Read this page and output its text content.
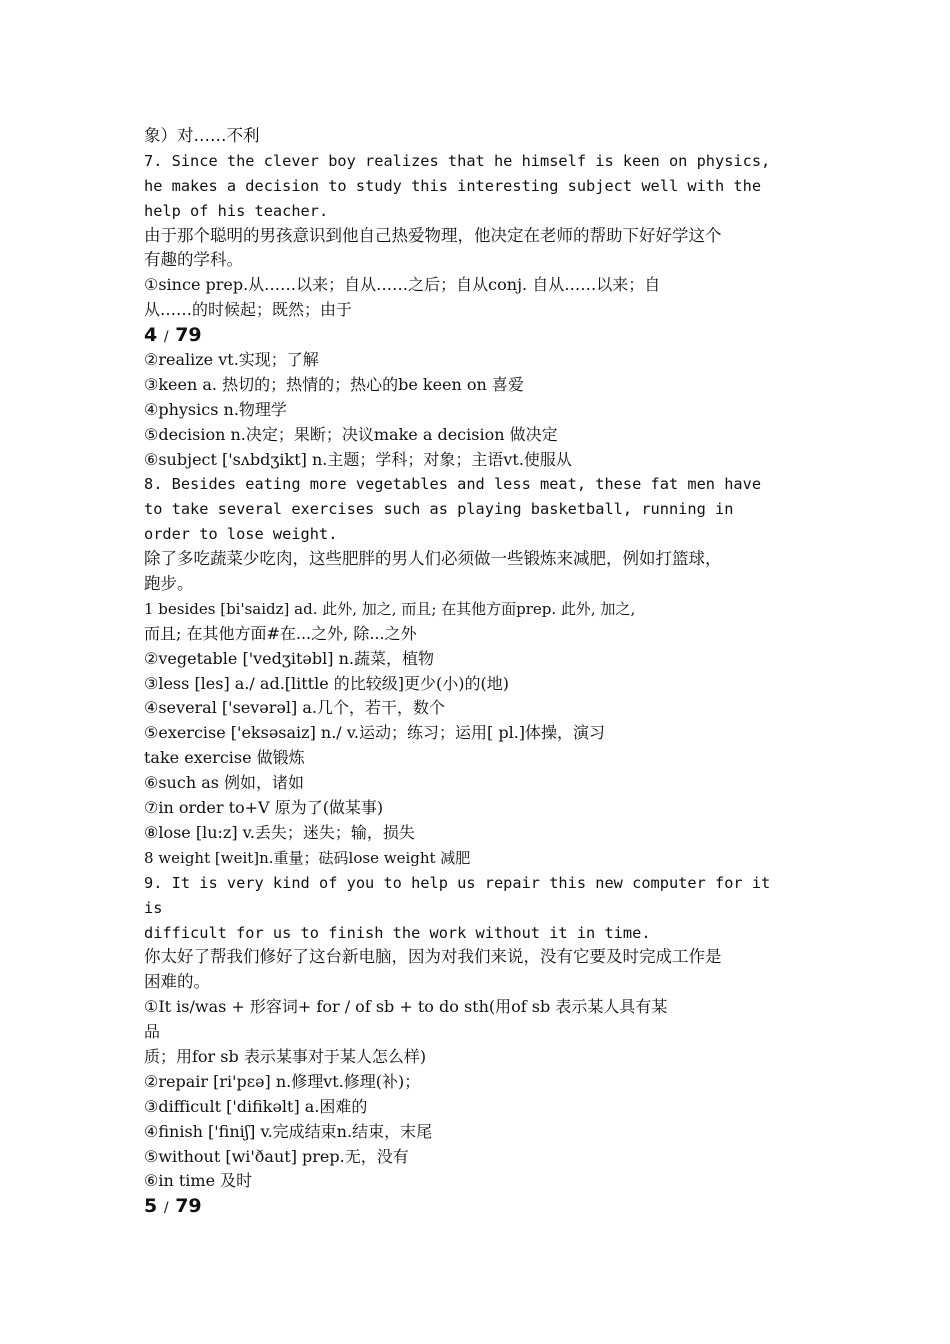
象）对……不利
7. Since the clever boy realizes that he himself is keen on physics,
he makes a decision to study this interesting subject well with the
help of his teacher.
由于那个聪明的男孩意识到他自己热爱物理，他决定在老师的帮助下好好学这个
有趣的学科。
①since prep.从……以来；自从……之后；自从conj. 自从……以来；自
从……的时候起；既然；由于
4 / 79
②realize vt.实现；了解
③keen a. 热切的；热情的；热心的be keen on 喜爱
④physics n.物理学
⑤decision n.决定；果断；决议make a decision 做决定
⑥subject ['sʌbdʒikt] n.主题；学科；对象；主语vt.使服从
8. Besides eating more vegetables and less meat, these fat men have
to take several exercises such as playing basketball, running in
order to lose weight.
除了多吃蔬菜少吃肉，这些肥胖的男人们必须做一些锻炼来减肥，例如打篮球，
跑步。
1 besides [bi'saidz] ad. 此外, 加之, 而且; 在其他方面prep. 此外, 加之,
而且; 在其他方面#在...之外, 除...之外
②vegetable ['vedʒitəbl] n.蔬菜，植物
③less [les] a./ ad.[little 的比较级]更少(小)的(地)
④several ['sevərəl] a.几个，若干，数个
⑤exercise ['eksəsaiz] n./ v.运动；练习；运用[ pl.]体操，演习
take exercise 做锻炼
⑥such as 例如，诸如
⑦in order to+V 原为了(做某事)
⑧lose [lu:z] v.丢失；迷失；输，损失
8 weight [weit]n.重量；砝码lose weight 减肥
9. It is very kind of you to help us repair this new computer for it
is
difficult for us to finish the work without it in time.
你太好了帮我们修好了这台新电脑，因为对我们来说，没有它要及时完成工作是
困难的。
①It is/was + 形容词+ for / of sb + to do sth(用of sb 表示某人具有某
品
质；用for sb 表示某事对于某人怎么样)
②repair [ri'pɛə] n.修理vt.修理(补)；
③difficult ['difikəlt] a.困难的
④finish ['finiʃ] v.完成结束n.结束，末尾
⑤without [wi'ðaut] prep.无，没有
⑥in time 及时
5 / 79
